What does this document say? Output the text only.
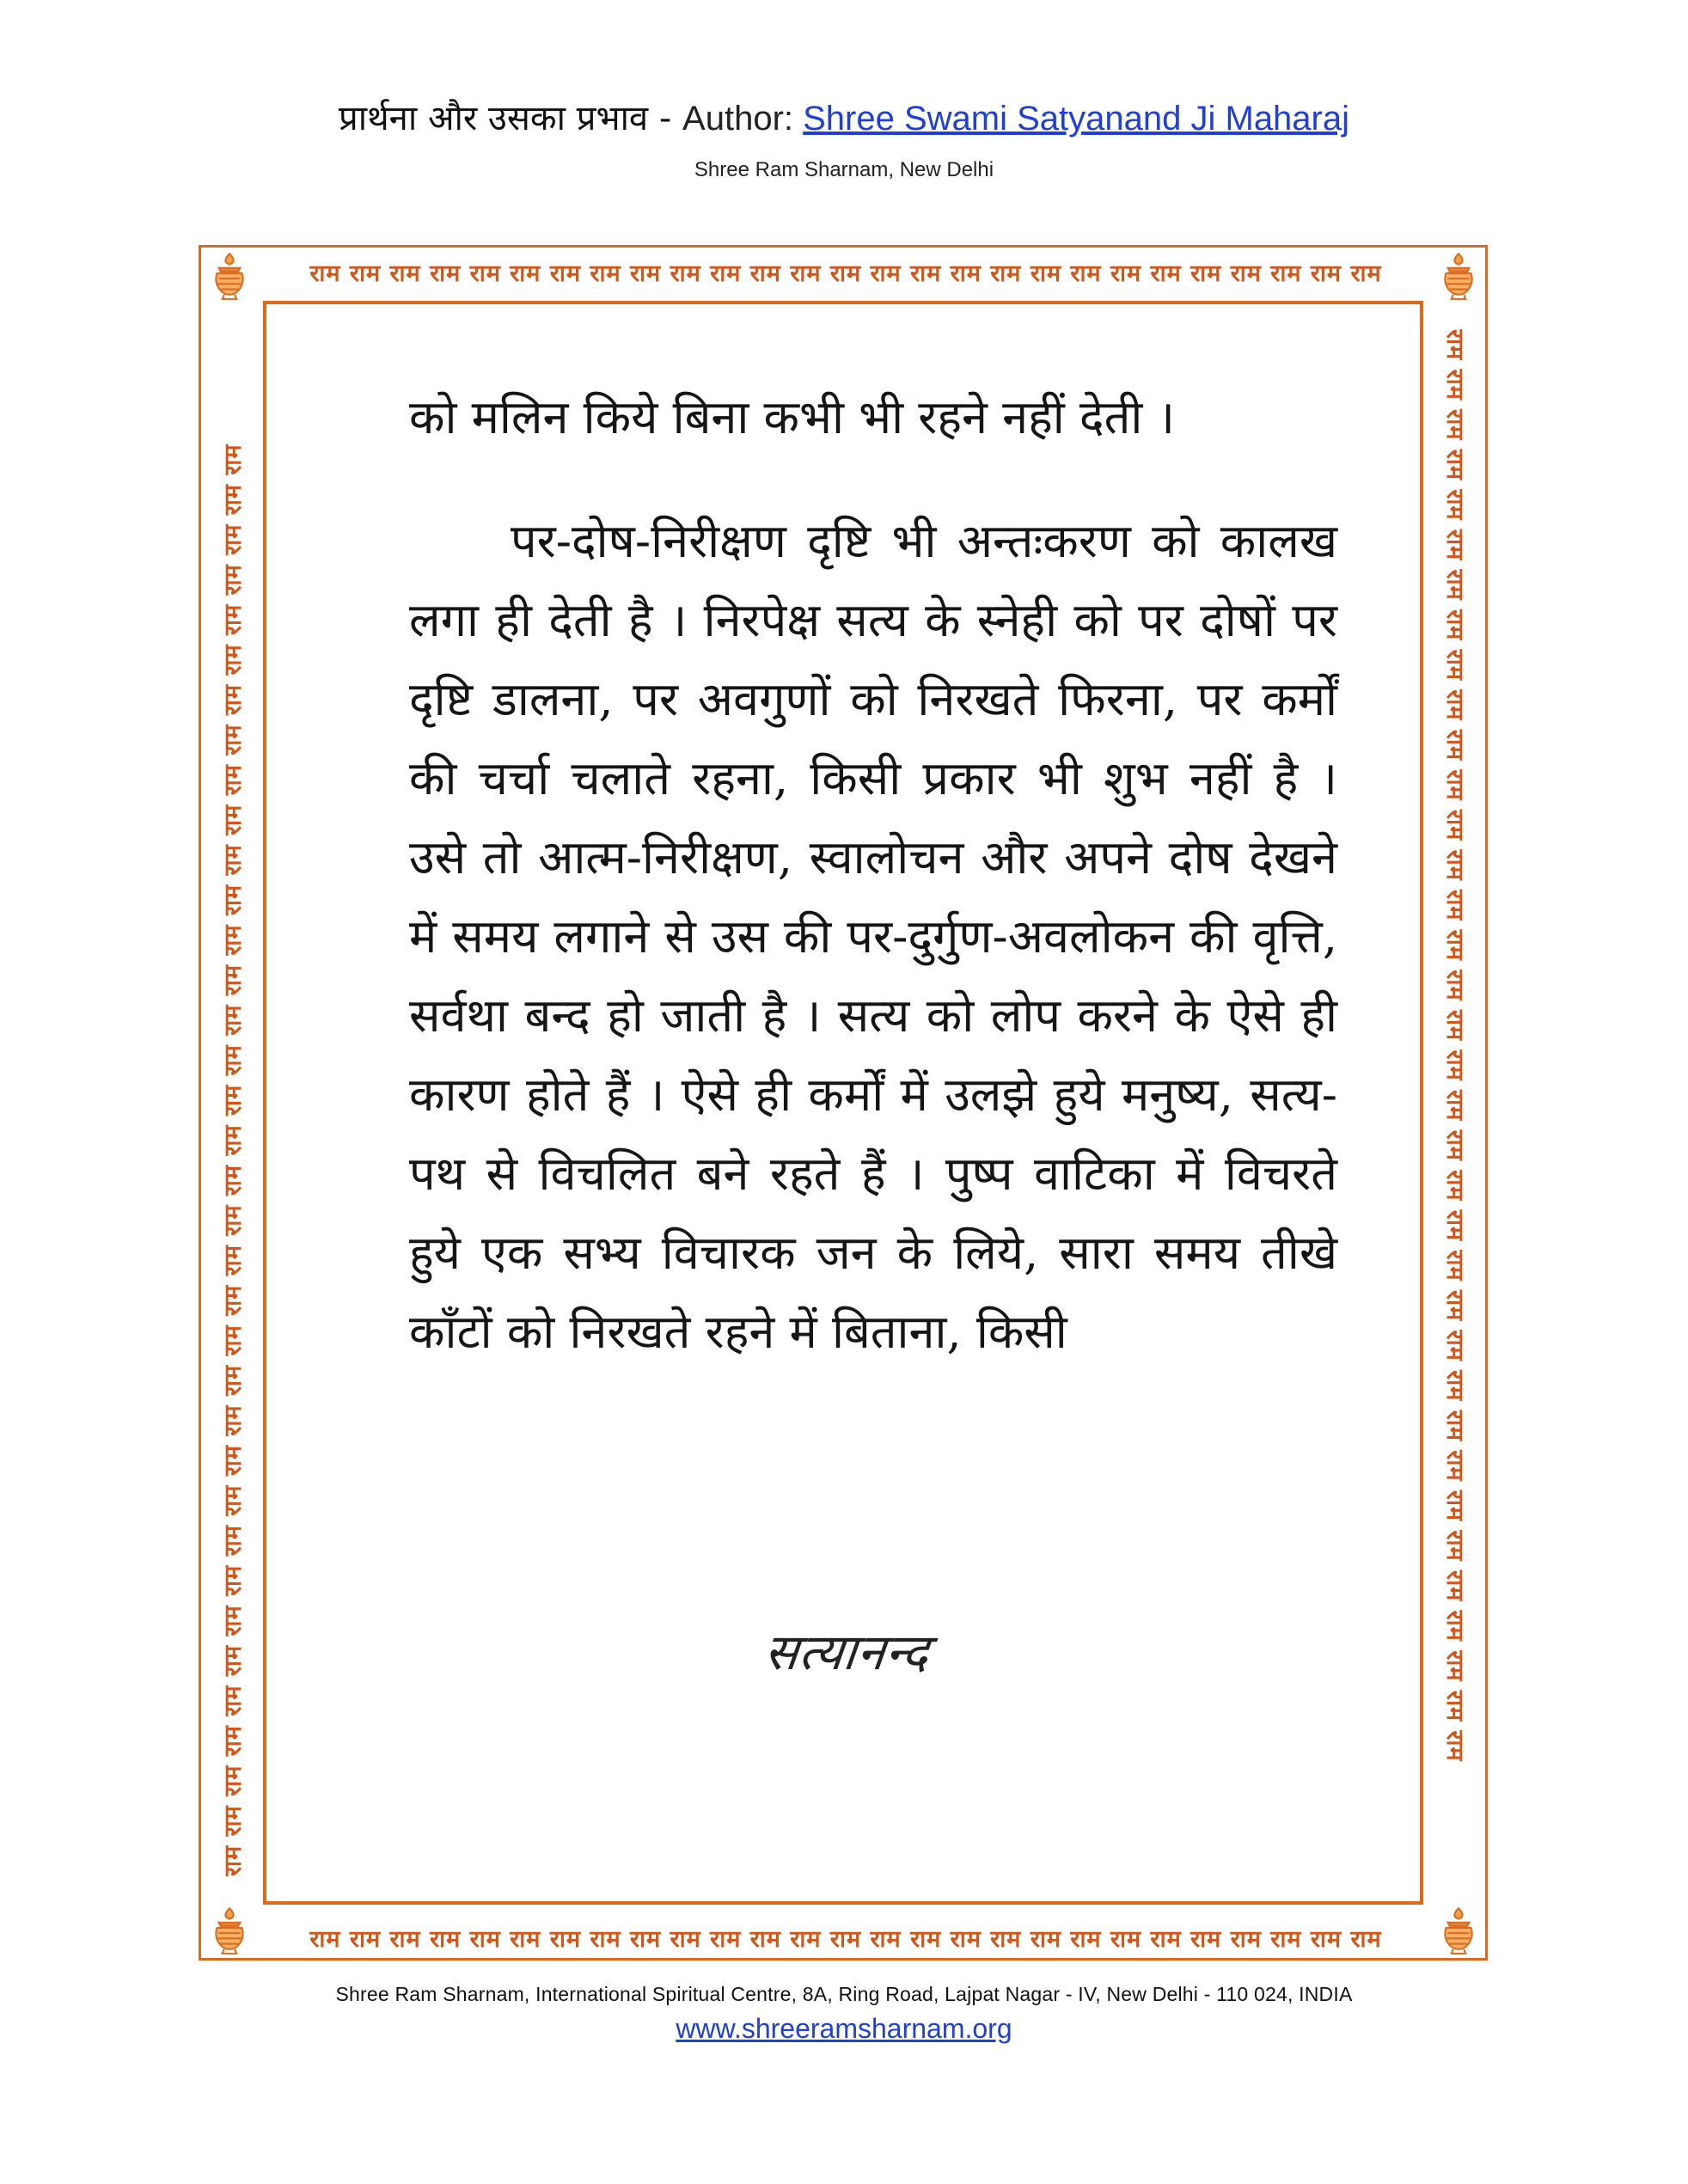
प्रार्थना और उसका प्रभाव - Author: Shree Swami Satyanand Ji Maharaj
Shree Ram Sharnam, New Delhi
राम राम राम राम राम राम राम राम राम राम राम राम राम राम राम राम राम राम राम राम राम राम राम राम राम राम राम
राम राम राम राम राम राम राम राम राम राम राम राम राम राम राम राम राम राम राम राम राम राम राम राम राम राम राम
राम राम राम राम राम राम राम राम राम राम राम राम राम राम राम राम राम राम राम राम राम राम राम राम राम राम राम राम राम राम राम राम राम राम राम राम	राम राम राम राम राम राम राम राम राम राम राम राम राम राम राम राम राम राम राम राम राम राम राम राम राम राम राम राम राम राम राम राम राम राम राम राम

को मलिन किये बिना कभी भी रहने नहीं देती ।

पर-दोष-निरीक्षण दृष्टि भी अन्तःकरण को कालख लगा ही देती है । निरपेक्ष सत्य के स्नेही को पर दोषों पर दृष्टि डालना, पर अवगुणों को निरखते फिरना, पर कर्मों की चर्चा चलाते रहना, किसी प्रकार भी शुभ नहीं है । उसे तो आत्म-निरीक्षण, स्वालोचन और अपने दोष देखने में समय लगाने से उस की पर-दुर्गुण-अवलोकन की वृत्ति, सर्वथा बन्द हो जाती है । सत्य को लोप करने के ऐसे ही कारण होते हैं । ऐसे ही कर्मों में उलझे हुये मनुष्य, सत्य-पथ से विचलित बने रहते हैं । पुष्प वाटिका में विचरते हुये एक सभ्य विचारक जन के लिये, सारा समय तीखे काँटों को निरखते रहने में बिताना, किसी

सत्यानन्द
Shree Ram Sharnam, International Spiritual Centre, 8A, Ring Road, Lajpat Nagar - IV, New Delhi - 110 024, INDIA
www.shreeramsharnam.org
